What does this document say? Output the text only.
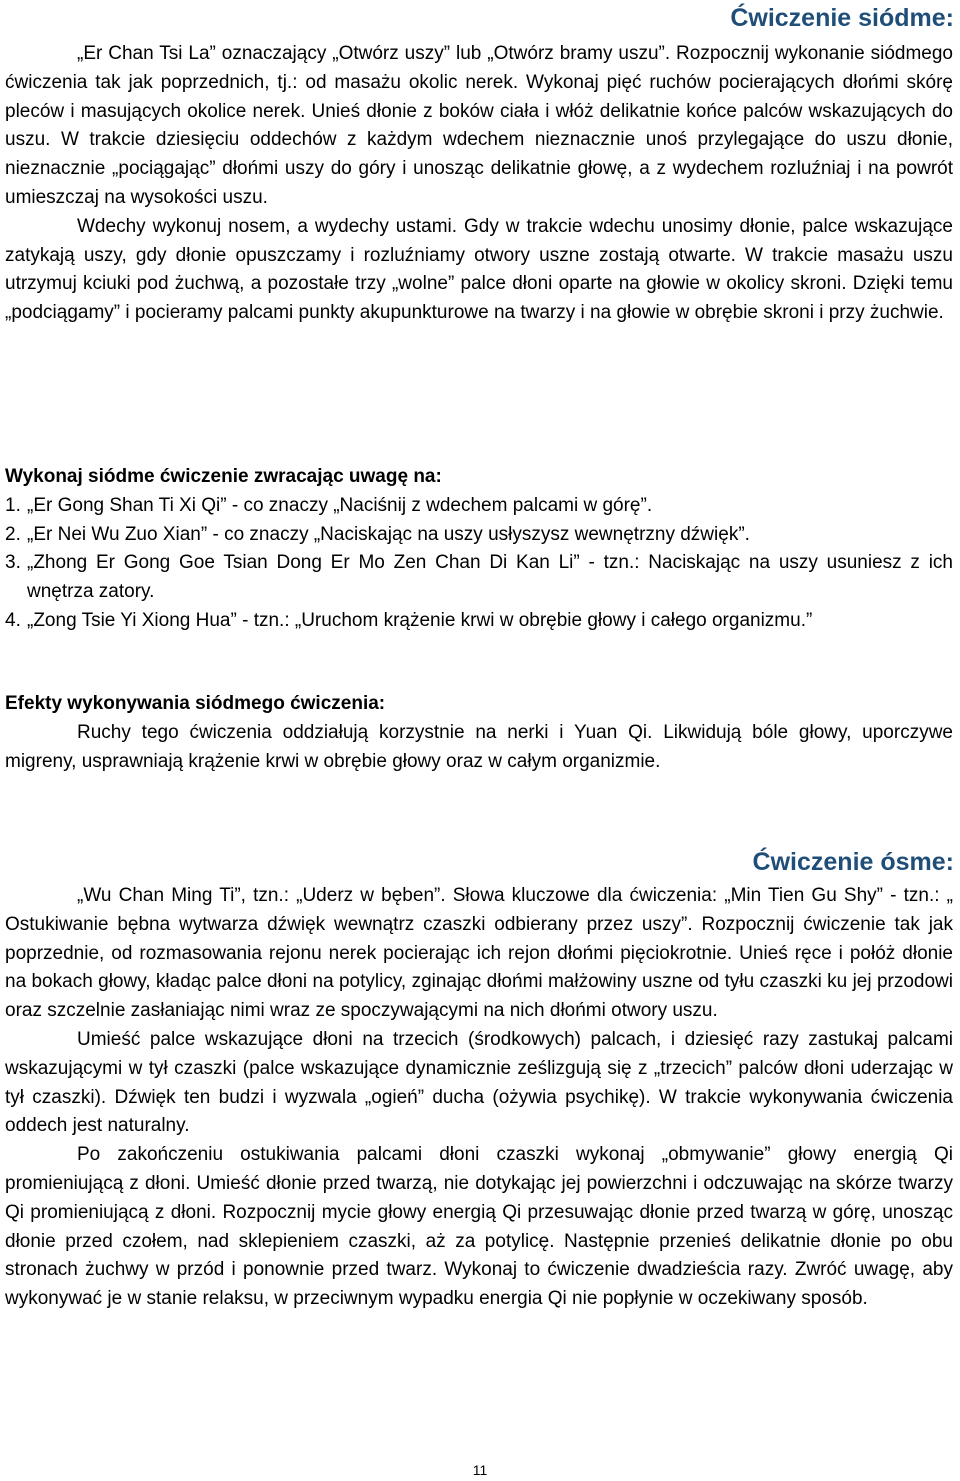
Ćwiczenie siódme:

„Er Chan Tsi La” oznaczający „Otwórz uszy” lub „Otwórz bramy uszu”. Rozpocznij wykonanie siódmego ćwiczenia tak jak poprzednich, tj.: od masażu okolic nerek. Wykonaj pięć ruchów pocierających dłońmi skórę pleców i masujących okolice nerek. Unieś dłonie z boków ciała i włóż delikatnie końce palców wskazujących do uszu. W trakcie dziesięciu oddechów z każdym wdechem nieznacznie unoś przylegające do uszu dłonie, nieznacznie „pociągając” dłońmi uszy do góry i unosząc delikatnie głowę, a z wydechem rozluźniaj i na powrót umieszczaj na wysokości uszu.

Wdechy wykonuj nosem, a wydechy ustami. Gdy w trakcie wdechu unosimy dłonie, palce wskazujące zatykają uszy, gdy dłonie opuszczamy i rozluźniamy otwory uszne zostają otwarte. W trakcie masażu uszu utrzymuj kciuki pod żuchwą, a pozostałe trzy „wolne” palce dłoni oparte na głowie w okolicy skroni. Dzięki temu „podciągamy” i pocieramy palcami punkty akupunkturowe na twarzy i na głowie w obrębie skroni i przy żuchwie.

Wykonaj siódme ćwiczenie zwracając uwagę na:

1. „Er Gong Shan Ti Xi Qi” - co znaczy „Naciśnij z wdechem palcami w górę”.
2. „Er Nei Wu Zuo Xian” - co znaczy „Naciskając na uszy usłyszysz wewnętrzny dźwięk”.
3. „Zhong Er Gong Goe Tsian Dong Er Mo Zen Chan Di Kan Li” - tzn.: Naciskając na uszy usuniesz z ich wnętrza zatory.
4. „Zong Tsie Yi Xiong Hua” - tzn.: „Uruchom krążenie krwi w obrębie głowy i całego organizmu.”

Efekty wykonywania siódmego ćwiczenia:

Ruchy tego ćwiczenia oddziałują korzystnie na nerki i Yuan Qi. Likwidują bóle głowy, uporczywe migreny, usprawniają krążenie krwi w obrębie głowy oraz w całym organizmie.

Ćwiczenie ósme:

„Wu Chan Ming Ti”, tzn.: „Uderz w bęben”. Słowa kluczowe dla ćwiczenia: „Min Tien Gu Shy” - tzn.: „ Ostukiwanie bębna wytwarza dźwięk wewnątrz czaszki odbierany przez uszy”. Rozpocznij ćwiczenie tak jak poprzednie, od rozmasowania rejonu nerek pocierając ich rejon dłońmi pięciokrotnie. Unieś ręce i połóż dłonie na bokach głowy, kładąc palce dłoni na potylicy, zginając dłońmi małżowiny uszne od tyłu czaszki ku jej przodowi oraz szczelnie zasłaniając nimi wraz ze spoczywającymi na nich dłońmi otwory uszu.

Umieść palce wskazujące dłoni na trzecich (środkowych) palcach, i dziesięć razy zastukaj palcami wskazującymi w tył czaszki (palce wskazujące dynamicznie ześlizgują się z „trzecich” palców dłoni uderzając w tył czaszki). Dźwięk ten budzi i wyzwala „ogień” ducha (ożywia psychikę). W trakcie wykonywania ćwiczenia oddech jest naturalny.

Po zakończeniu ostukiwania palcami dłoni czaszki wykonaj „obmywanie” głowy energią Qi promieniującą z dłoni. Umieść dłonie przed twarzą, nie dotykając jej powierzchni i odczuwając na skórze twarzy Qi promieniującą z dłoni. Rozpocznij mycie głowy energią Qi przesuwając dłonie przed twarzą w górę, unosząc dłonie przed czołem, nad sklepieniem czaszki, aż za potylicę. Następnie przenieś delikatnie dłonie po obu stronach żuchwy w przód i ponownie przed twarz. Wykonaj to ćwiczenie dwadzieścia razy. Zwróć uwagę, aby wykonywać je w stanie relaksu, w przeciwnym wypadku energia Qi nie popłynie w oczekiwany sposób.

11
